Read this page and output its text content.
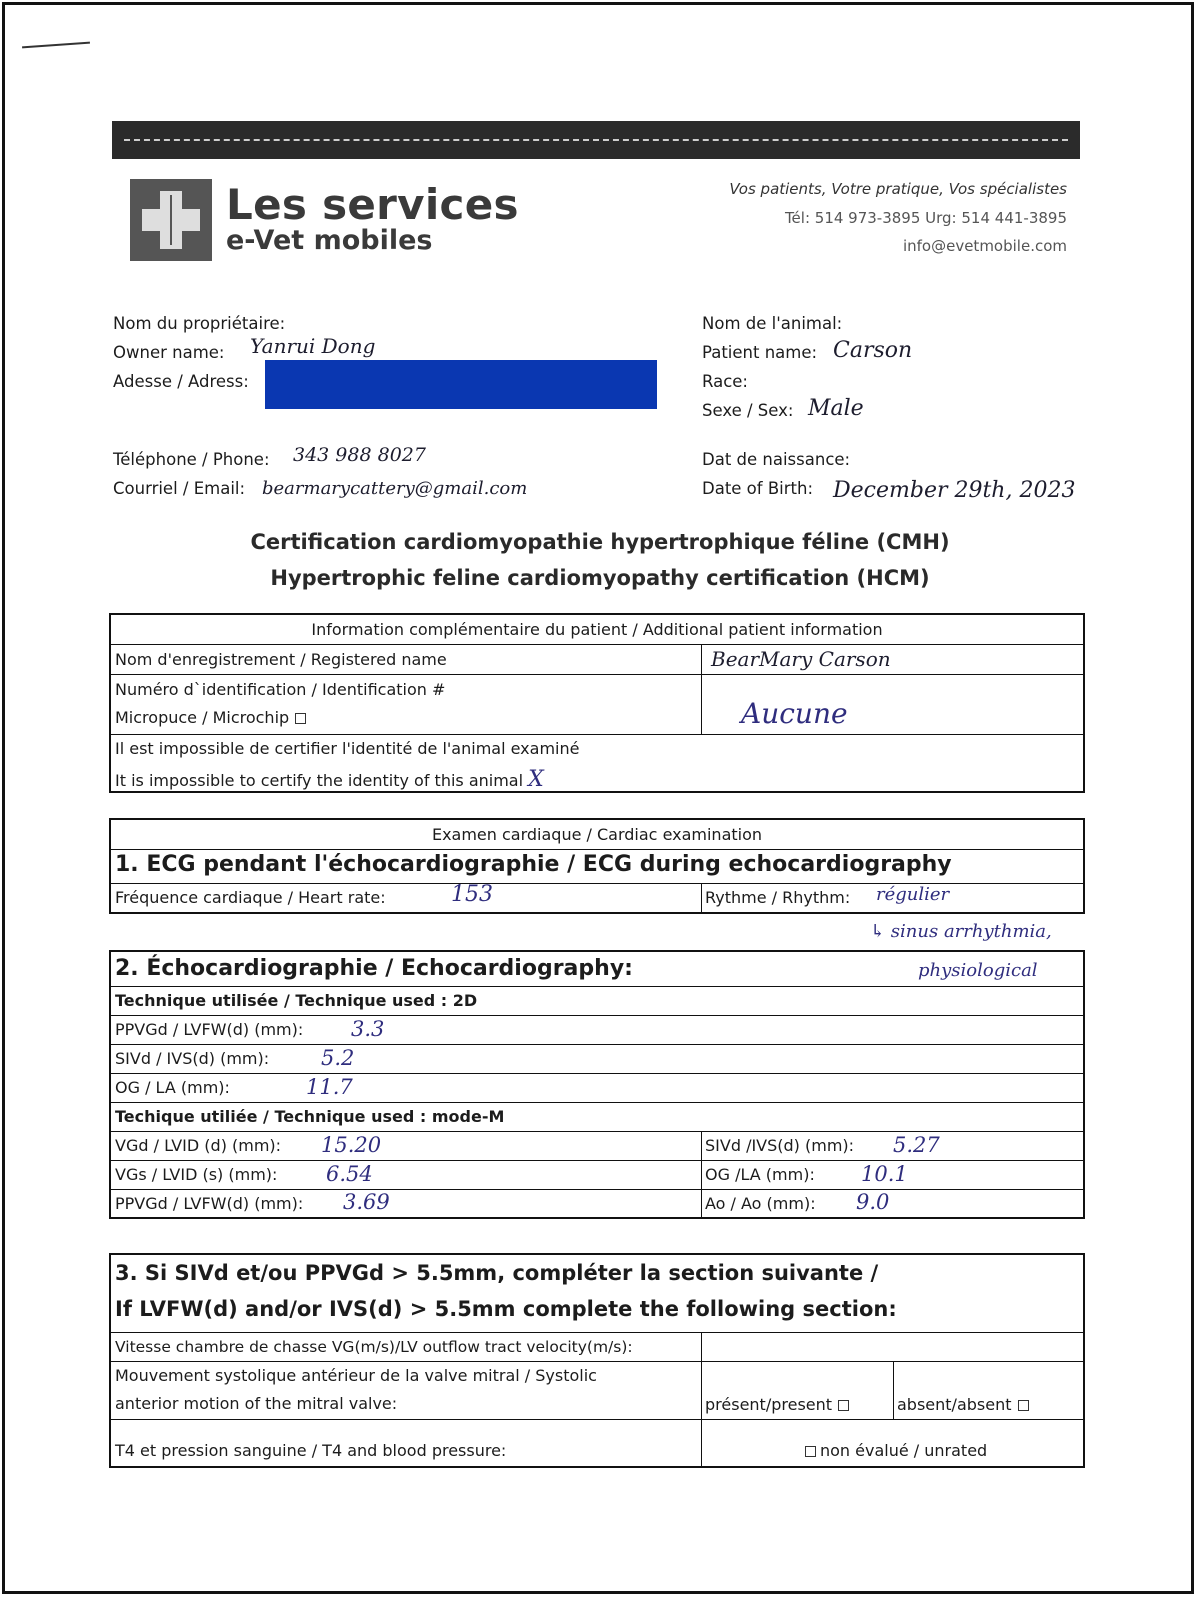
Les services
e-Vet mobiles
Vos patients, Votre pratique, Vos spécialistes
Tél: 514 973-3895 Urg: 514 441-3895
info@evetmobile.com
Nom du propriétaire:
Owner name: Yanrui Dong
Adesse / Adress:
Téléphone / Phone: 343 988 8027
Courriel / Email: bearmarycattery@gmail.com
Nom de l'animal:
Patient name: Carson
Race:
Sexe / Sex: Male
Dat de naissance:
Date of Birth: December 29th, 2023
Certification cardiomyopathie hypertrophique féline (CMH)
Hypertrophic feline cardiomyopathy certification (HCM)
Information complémentaire du patient / Additional patient information
Nom d'enregistrement / Registered name	BearMary Carson
Numéro d`identification / Identification #
Micropuce / Microchip	Aucune
Il est impossible de certifier l'identité de l'animal examiné
It is impossible to certify the identity of this animal X
Examen cardiaque / Cardiac examination
1. ECG pendant l'échocardiographie / ECG during echocardiography
Fréquence cardiaque / Heart rate:	153	Rythme / Rhythm: régulier
↳ sinus arrhythmia,
physiological
2. Échocardiographie / Echocardiography:
Technique utilisée / Technique used : 2D
PPVGd / LVFW(d) (mm): 3.3
SIVd / IVS(d) (mm): 5.2
OG / LA (mm):	11.7
Techique utiliée / Technique used : mode-M
VGd / LVID (d) (mm): 15.20	SIVd /IVS(d) (mm): 5.27
VGs / LVID (s) (mm): 6.54	OG /LA (mm): 10.1
PPVGd / LVFW(d) (mm): 3.69	Ao / Ao (mm): 9.0
3. Si SIVd et/ou PPVGd > 5.5mm, compléter la section suivante /
If LVFW(d) and/or IVS(d) > 5.5mm complete the following section:
Vitesse chambre de chasse VG(m/s)/LV outflow tract velocity(m/s):
Mouvement systolique antérieur de la valve mitral / Systolic
anterior motion of the mitral valve:	présent/present	absent/absent
T4 et pression sanguine / T4 and blood pressure:	non évalué / unrated
